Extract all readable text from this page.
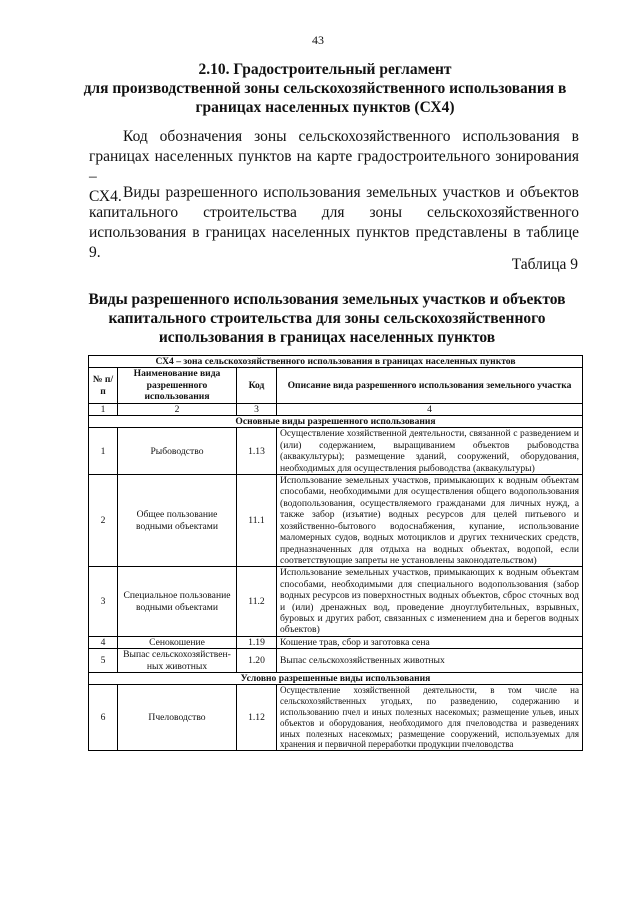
43
2.10. Градостроительный регламент
для производственной зоны сельскохозяйственного использования в
границах населенных пунктов (СХ4)
Код обозначения зоны сельскохозяйственного использования в
границах населенных пунктов на карте градостроительного зонирования –
СХ4. Виды разрешенного использования земельных участков и объектов
капитального строительства для зоны сельскохозяйственного
использования в границах населенных пунктов представлены в таблице 9.
Таблица 9
Виды разрешенного использования земельных участков и объектов
капитального строительства для зоны сельскохозяйственного
использования в границах населенных пунктов
СХ4 – зона сельскохозяйственного использования в границах населенных пунктов			
№ п/п	Наименование вида разрешенного использования	Код	Описание вида разрешенного использования земельного участка
1	2	3	4
Основные виды разрешенного использования			
1	Рыбоводство	1.13	Осуществление хозяйственной деятельности, связанной с разведением и (или) содержанием, выращиванием объектов рыбоводства (аквакультуры); размещение зданий, сооружений, оборудования, необходимых для осуществления рыбоводства (аквакультуры)
2	Общее пользование водными объектами	11.1	Использование земельных участков, примыкающих к водным объектам способами, необходимыми для осуществления общего водопользования (водопользования, осуществляемого гражданами для личных нужд, а также забор (изъятие) водных ресурсов для целей питьевого и хозяйственно-бытового водоснабжения, купание, использование маломерных судов, водных мотоциклов и других технических средств, предназначенных для отдыха на водных объектах, водопой, если соответствующие запреты не установлены законодательством)
3	Специальное пользование водными объектами	11.2	Использование земельных участков, примыкающих к водным объектам способами, необходимыми для специального водопользования (забор водных ресурсов из поверхностных водных объектов, сброс сточных вод и (или) дренажных вод, проведение дноуглубительных, взрывных, буровых и других работ, связанных с изменением дна и берегов водных объектов)
4	Сенокошение	1.19	Кошение трав, сбор и заготовка сена
5	Выпас сельскохозяйствен-ных животных	1.20	Выпас сельскохозяйственных животных
Условно разрешенные виды использования			
6	Пчеловодство	1.12	Осуществление хозяйственной деятельности, в том числе на сельскохозяйственных угодьях, по разведению, содержанию и использованию пчел и иных полезных насекомых; размещение ульев, иных объектов и оборудования, необходимого для пчеловодства и разведениях иных полезных насекомых; размещение сооружений, используемых для хранения и первичной переработки продукции пчеловодства
